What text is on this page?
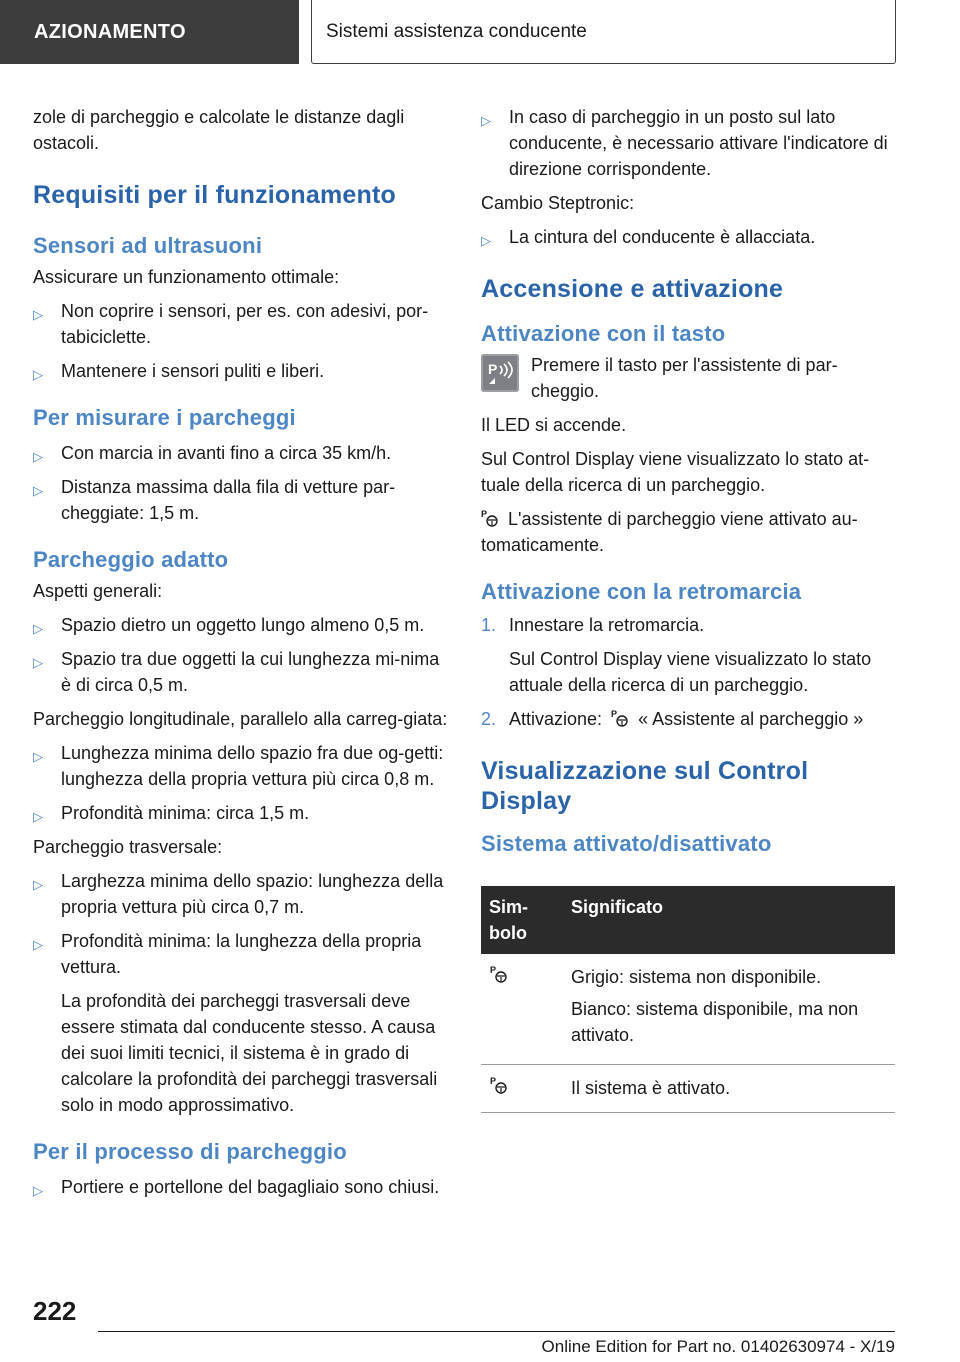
AZIONAMENTO	Sistemi assistenza conducente

zole di parcheggio e calcolate le distanze dagli ostacoli.

Requisiti per il funzionamento
Sensori ad ultrasuoni

Assicurare un funzionamento ottimale:

▷ Non coprire i sensori, per es. con adesivi, por-tabiciclette.
▷ Mantenere i sensori puliti e liberi.
Per misurare i parcheggi
▷ Con marcia in avanti fino a circa 35 km/h.
▷ Distanza massima dalla fila di vetture par-cheggiate: 1,5 m.
Parcheggio adatto

Aspetti generali:

▷ Spazio dietro un oggetto lungo almeno 0,5 m.
▷ Spazio tra due oggetti la cui lunghezza mi-nima è di circa 0,5 m.

Parcheggio longitudinale, parallelo alla carreg-giata:

▷ Lunghezza minima dello spazio fra due og-getti: lunghezza della propria vettura più circa 0,8 m.
▷ Profondità minima: circa 1,5 m.

Parcheggio trasversale:

▷ Larghezza minima dello spazio: lunghezza della propria vettura più circa 0,7 m.
▷ Profondità minima: la lunghezza della propria vettura.

La profondità dei parcheggi trasversali deve essere stimata dal conducente stesso. A causa dei suoi limiti tecnici, il sistema è in grado di calcolare la profondità dei parcheggi trasversali solo in modo approssimativo.

Per il processo di parcheggio
▷ Portiere e portellone del bagagliaio sono chiusi.
▷ In caso di parcheggio in un posto sul lato conducente, è necessario attivare l'indicatore di direzione corrispondente.

Cambio Steptronic:

▷ La cintura del conducente è allacciata.
Accensione e attivazione
Attivazione con il tasto
P Premere il tasto per l'assistente di par-cheggio.

Il LED si accende.

Sul Control Display viene visualizzato lo stato at-tuale della ricerca di un parcheggio.

P L'assistente di parcheggio viene attivato au-tomaticamente.

Attivazione con la retromarcia
1. Innestare la retromarcia.

Sul Control Display viene visualizzato lo stato attuale della ricerca di un parcheggio.

2. Attivazione: P « Assistente al parcheggio »
Visualizzazione sul Control Display
Sistema attivato/disattivato
Sim-bolo	Significato

P	Grigio: sistema non disponibile.

Bianco: sistema disponibile, ma non attivato.

P	Il sistema è attivato.
222
Online Edition for Part no. 01402630974 - X/19
